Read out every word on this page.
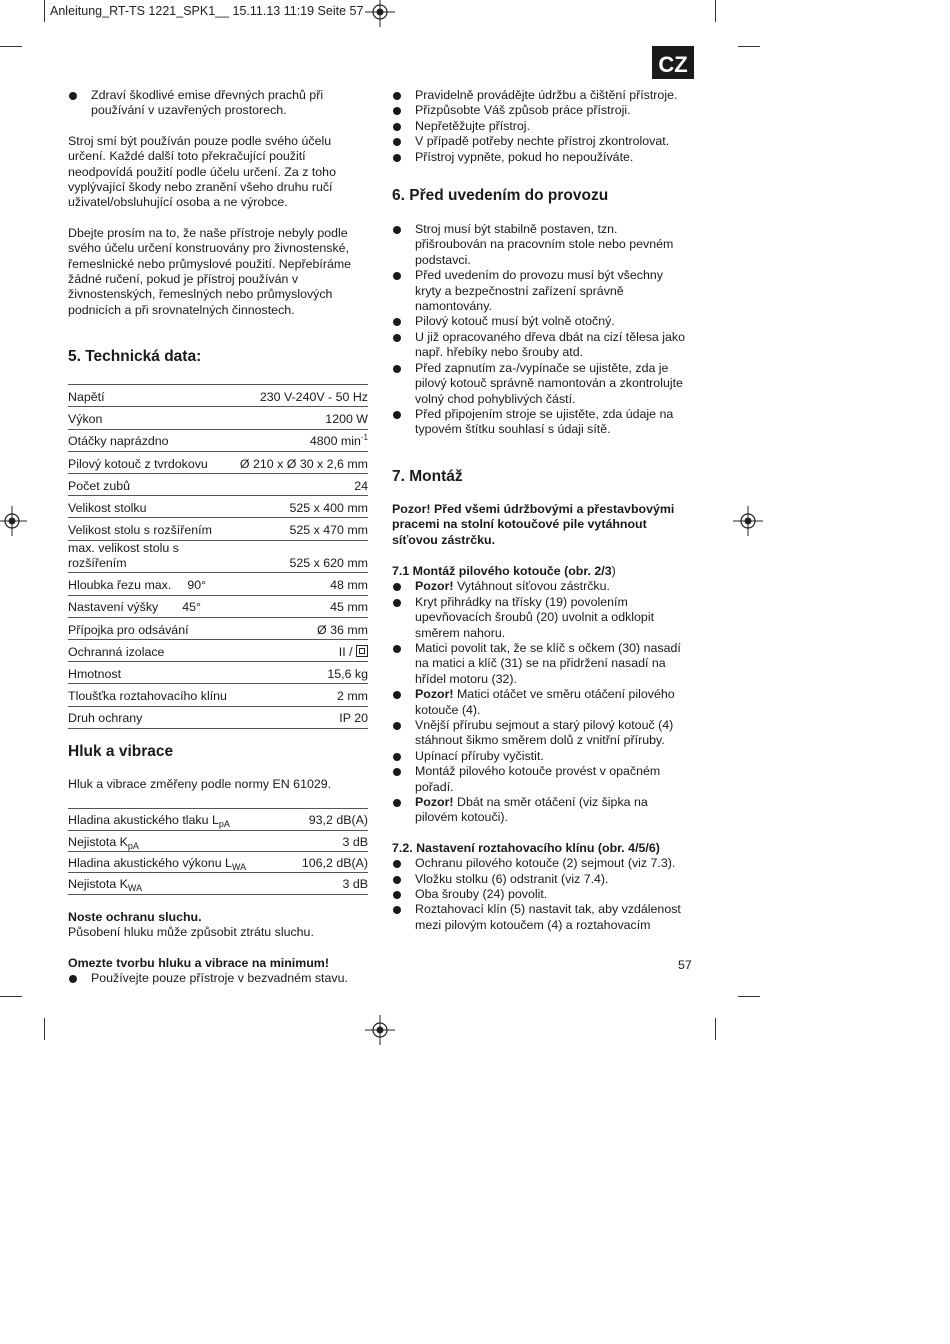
Anleitung_RT-TS 1221_SPK1__ 15.11.13 11:19 Seite 57
CZ
57
Zdraví škodlivé emise dřevných prachů při používání v uzavřených prostorech.

Stroj smí být používán pouze podle svého účelu určení. Každé další toto překračující použití neodpovídá použití podle účelu určení. Za z toho vyplývající škody nebo zranění všeho druhu ručí uživatel/obsluhující osoba a ne výrobce.

Dbejte prosím na to, že naše přístroje nebyly podle svého účelu určení konstruovány pro živnostenské, řemeslnické nebo průmyslové použití. Nepřebíráme žádné ručení, pokud je přístroj používán v živnostenských, řemeslných nebo průmyslových podnicích a při srovnatelných činnostech.

5. Technická data:
Napětí	230 V-240V - 50 Hz
Výkon	1200 W
Otáčky naprázdno	4800 $\min^{-1}$
Pilový kotouč z tvrdokovu	Ø 210 x Ø 30 x 2,6 mm
Počet zubů	24
Velikost stolku	525 x 400 mm
Velikost stolu s rozšířením	525 x 470 mm
max. velikost stolu s rozšířením	525 x 620 mm
Hloubka řezu max. 90°	48 mm
Nastavení výšky 45°	45 mm
Přípojka pro odsávání	Ø 36 mm
Ochranná izolace	II /
Hmotnost	15,6 kg
Tloušťka roztahovacího klínu	2 mm
Druh ochrany	IP 20
Hluk a vibrace

Hluk a vibrace změřeny podle normy EN 61029.

Hladina akustického tlaku $L_{pA}$	93,2 dB(A)
Nejistota $K_{pA}$	3 dB
Hladina akustického výkonu $L_{WA}$	106,2 dB(A)
Nejistota $K_{WA}$	3 dB

Noste ochranu sluchu.

Působení hluku může způsobit ztrátu sluchu.

Omezte tvorbu hluku a vibrace na minimum!

Používejte pouze přístroje v bezvadném stavu.
Pravidelně provádějte údržbu a čištění přístroje.
Přizpůsobte Váš způsob práce přístroji.
Nepřetěžujte přístroj.
V případě potřeby nechte přístroj zkontrolovat.
Přístroj vypněte, pokud ho nepoužíváte.
6. Před uvedením do provozu
Stroj musí být stabilně postaven, tzn. přišroubován na pracovním stole nebo pevném podstavci.
Před uvedením do provozu musí být všechny kryty a bezpečnostní zařízení správně namontovány.
Pilový kotouč musí být volně otočný.
U již opracovaného dřeva dbát na cizí tělesa jako např. hřebíky nebo šrouby atd.
Před zapnutím za-/vypínače se ujistěte, zda je pilový kotouč správně namontován a zkontrolujte volný chod pohyblivých částí.
Před připojením stroje se ujistěte, zda údaje na typovém štítku souhlasí s údaji sítě.
7. Montáž

Pozor! Před všemi údržbovými a přestavbovými pracemi na stolní kotoučové pile vytáhnout síťovou zástrčku.

7.1 Montáž pilového kotouče (obr. 2/3)

Pozor! Vytáhnout síťovou zástrčku.
Kryt přihrádky na třísky (19) povolením upevňovacích šroubů (20) uvolnit a odklopit směrem nahoru.
Matici povolit tak, že se klíč s očkem (30) nasadí na matici a klíč (31) se na přidržení nasadí na hřídel motoru (32).
Pozor! Matici otáčet ve směru otáčení pilového kotouče (4).
Vnější přírubu sejmout a starý pilový kotouč (4) stáhnout šikmo směrem dolů z vnitřní příruby.
Upínací příruby vyčistit.
Montáž pilového kotouče provést v opačném pořadí.
Pozor! Dbát na směr otáčení (viz šipka na pilovém kotouči).

7.2. Nastavení roztahovacího klínu (obr. 4/5/6)

Ochranu pilového kotouče (2) sejmout (viz 7.3).
Vložku stolku (6) odstranit (viz 7.4).
Oba šrouby (24) povolit.
Roztahovací klín (5) nastavit tak, aby vzdálenost mezi pilovým kotoučem (4) a roztahovacím
